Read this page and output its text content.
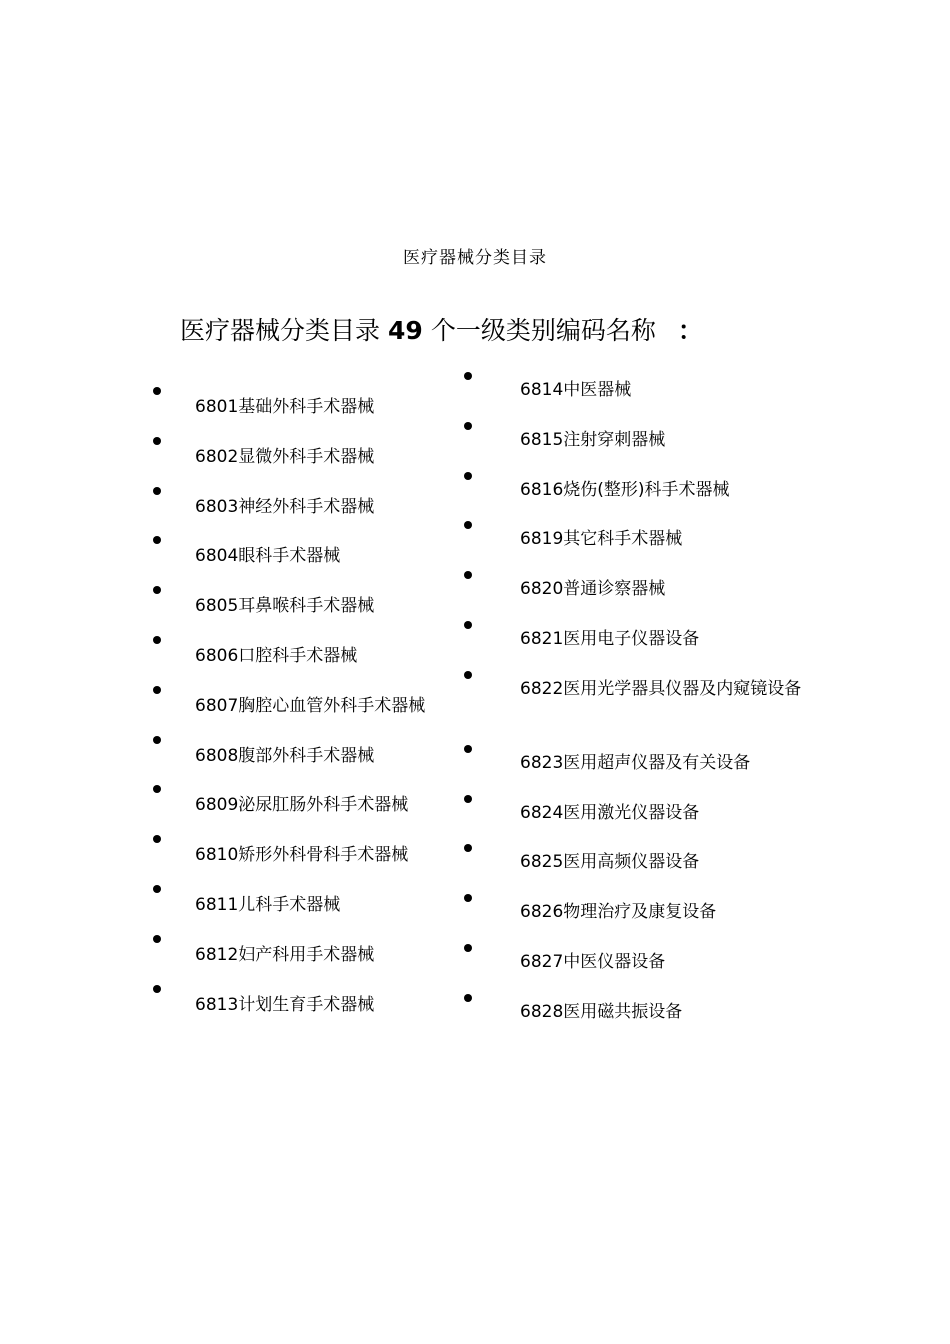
医疗器械分类目录
医疗器械分类目录 49 个一级类别编码名称 ：
6801基础外科手术器械
6802显微外科手术器械
6803神经外科手术器械
6804眼科手术器械
6805耳鼻喉科手术器械
6806口腔科手术器械
6807胸腔心血管外科手术器械
6808腹部外科手术器械
6809泌尿肛肠外科手术器械
6810矫形外科骨科手术器械
6811儿科手术器械
6812妇产科用手术器械
6813计划生育手术器械
6814中医器械
6815注射穿刺器械
6816烧伤(整形)科手术器械
6819其它科手术器械
6820普通诊察器械
6821医用电子仪器设备
6822医用光学器具仪器及内窥镜设备
6823医用超声仪器及有关设备
6824医用激光仪器设备
6825医用高频仪器设备
6826物理治疗及康复设备
6827中医仪器设备
6828医用磁共振设备
